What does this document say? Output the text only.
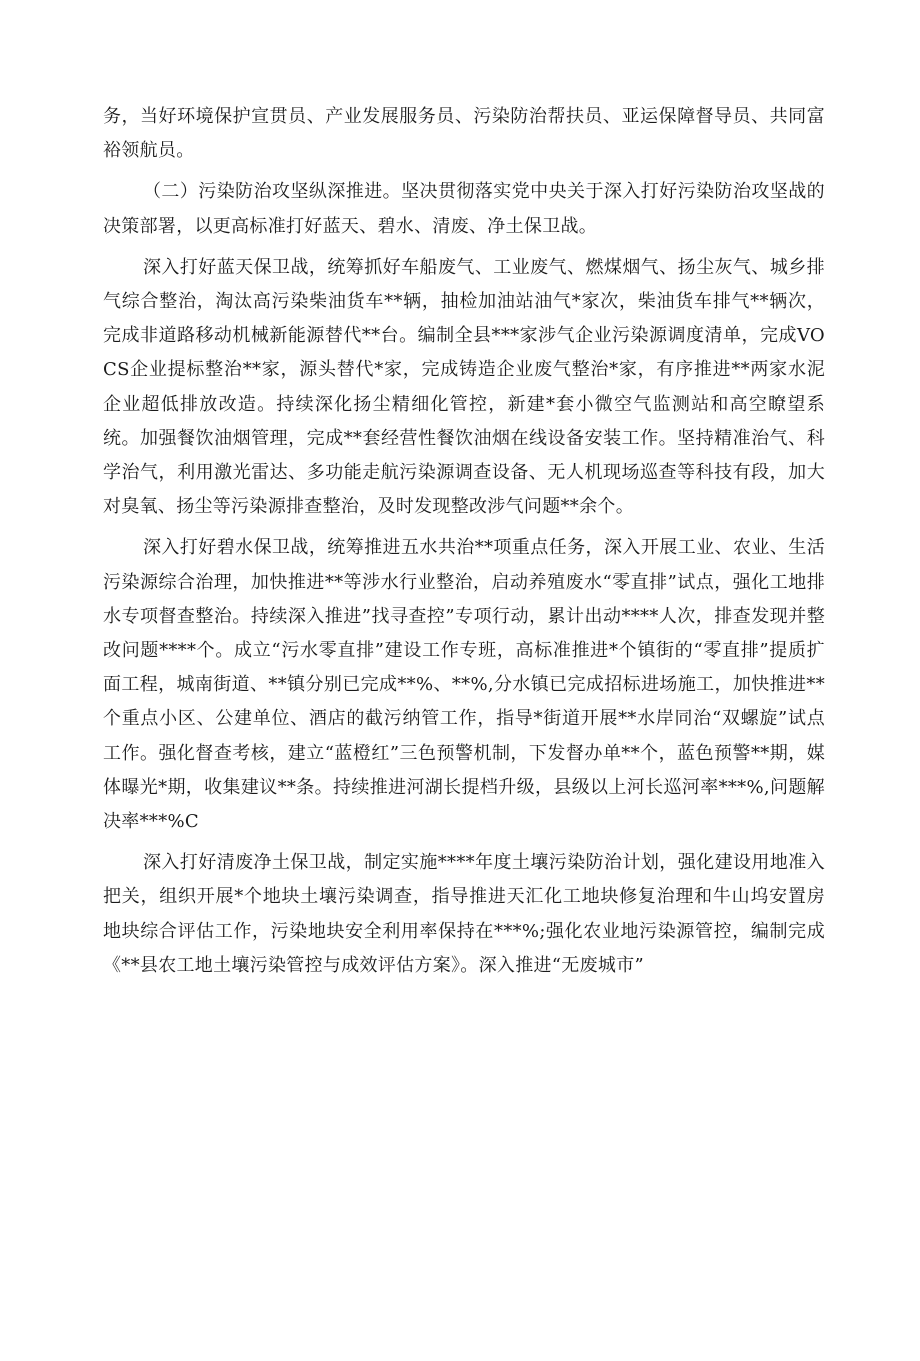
务，当好环境保护宣贯员、产业发展服务员、污染防治帮扶员、亚运保障督导员、共同富裕领航员。

（二）污染防治攻坚纵深推进。坚决贯彻落实党中央关于深入打好污染防治攻坚战的决策部署，以更高标准打好蓝天、碧水、清废、净土保卫战。

深入打好蓝天保卫战，统筹抓好车船废气、工业废气、燃煤烟气、扬尘灰气、城乡排气综合整治，淘汰高污染柴油货车**辆，抽检加油站油气*家次，柴油货车排气**辆次，完成非道路移动机械新能源替代**台。编制全县***家涉气企业污染源调度清单，完成VOCS企业提标整治**家，源头替代*家，完成铸造企业废气整治*家，有序推进**两家水泥企业超低排放改造。持续深化扬尘精细化管控，新建*套小微空气监测站和高空瞭望系统。加强餐饮油烟管理，完成**套经营性餐饮油烟在线设备安装工作。坚持精准治气、科学治气，利用激光雷达、多功能走航污染源调查设备、无人机现场巡查等科技有段，加大对臭氧、扬尘等污染源排查整治，及时发现整改涉气问题**余个。

深入打好碧水保卫战，统筹推进五水共治**项重点任务，深入开展工业、农业、生活污染源综合治理，加快推进**等涉水行业整治，启动养殖废水“零直排”试点，强化工地排水专项督查整治。持续深入推进”找寻查控”专项行动，累计出动****人次，排查发现并整改问题****个。成立“污水零直排”建设工作专班，高标准推进*个镇街的“零直排”提质扩面工程，城南街道、**镇分别已完成**%、**%,分水镇已完成招标进场施工，加快推进**个重点小区、公建单位、酒店的截污纳管工作，指导*街道开展**水岸同治“双螺旋”试点工作。强化督查考核，建立“蓝橙红”三色预警机制，下发督办单**个，蓝色预警**期，媒体曝光*期，收集建议**条。持续推进河湖长提档升级，县级以上河长巡河率***%,问题解决率***%C

深入打好清废净土保卫战，制定实施****年度土壤污染防治计划，强化建设用地准入把关，组织开展*个地块土壤污染调查，指导推进天汇化工地块修复治理和牛山坞安置房地块综合评估工作，污染地块安全利用率保持在***%;强化农业地污染源管控，编制完成《**县农工地土壤污染管控与成效评估方案》。深入推进“无废城市”
